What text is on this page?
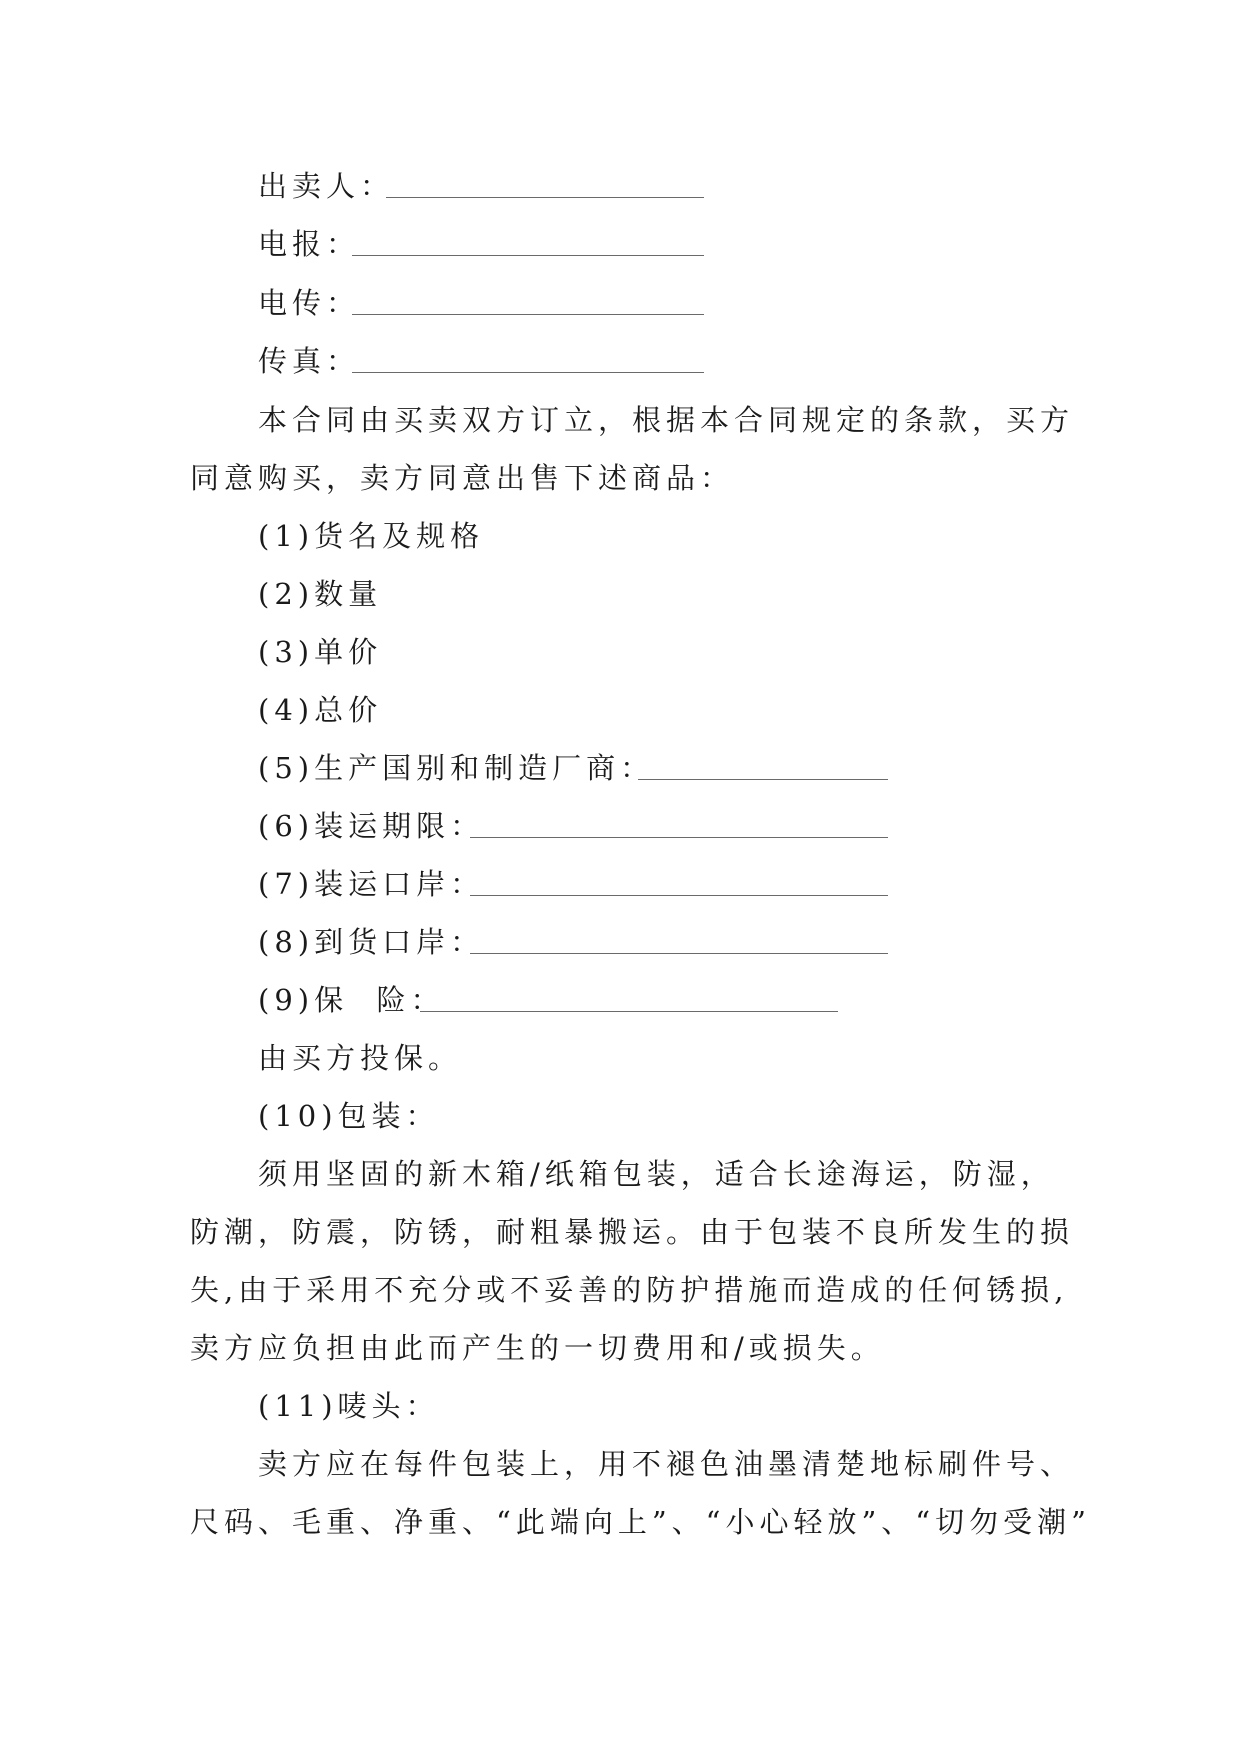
出卖人：
电报：
电传：
传真：
本合同由买卖双方订立，根据本合同规定的条款，买方
同意购买，卖方同意出售下述商品：
(1)货名及规格
(2)数量
(3)单价
(4)总价
(5)生产国别和制造厂商：
(6)装运期限：
(7)装运口岸：
(8)到货口岸：
(9)保  险：
由买方投保。
(10)包装：
须用坚固的新木箱/纸箱包装，适合长途海运，防湿，
防潮，防震，防锈，耐粗暴搬运。由于包装不良所发生的损
失,由于采用不充分或不妥善的防护措施而造成的任何锈损,
卖方应负担由此而产生的一切费用和/或损失。
(11)唛头：
卖方应在每件包装上，用不褪色油墨清楚地标刷件号、
尺码、毛重、净重、“此端向上”、“小心轻放”、“切勿受潮”
